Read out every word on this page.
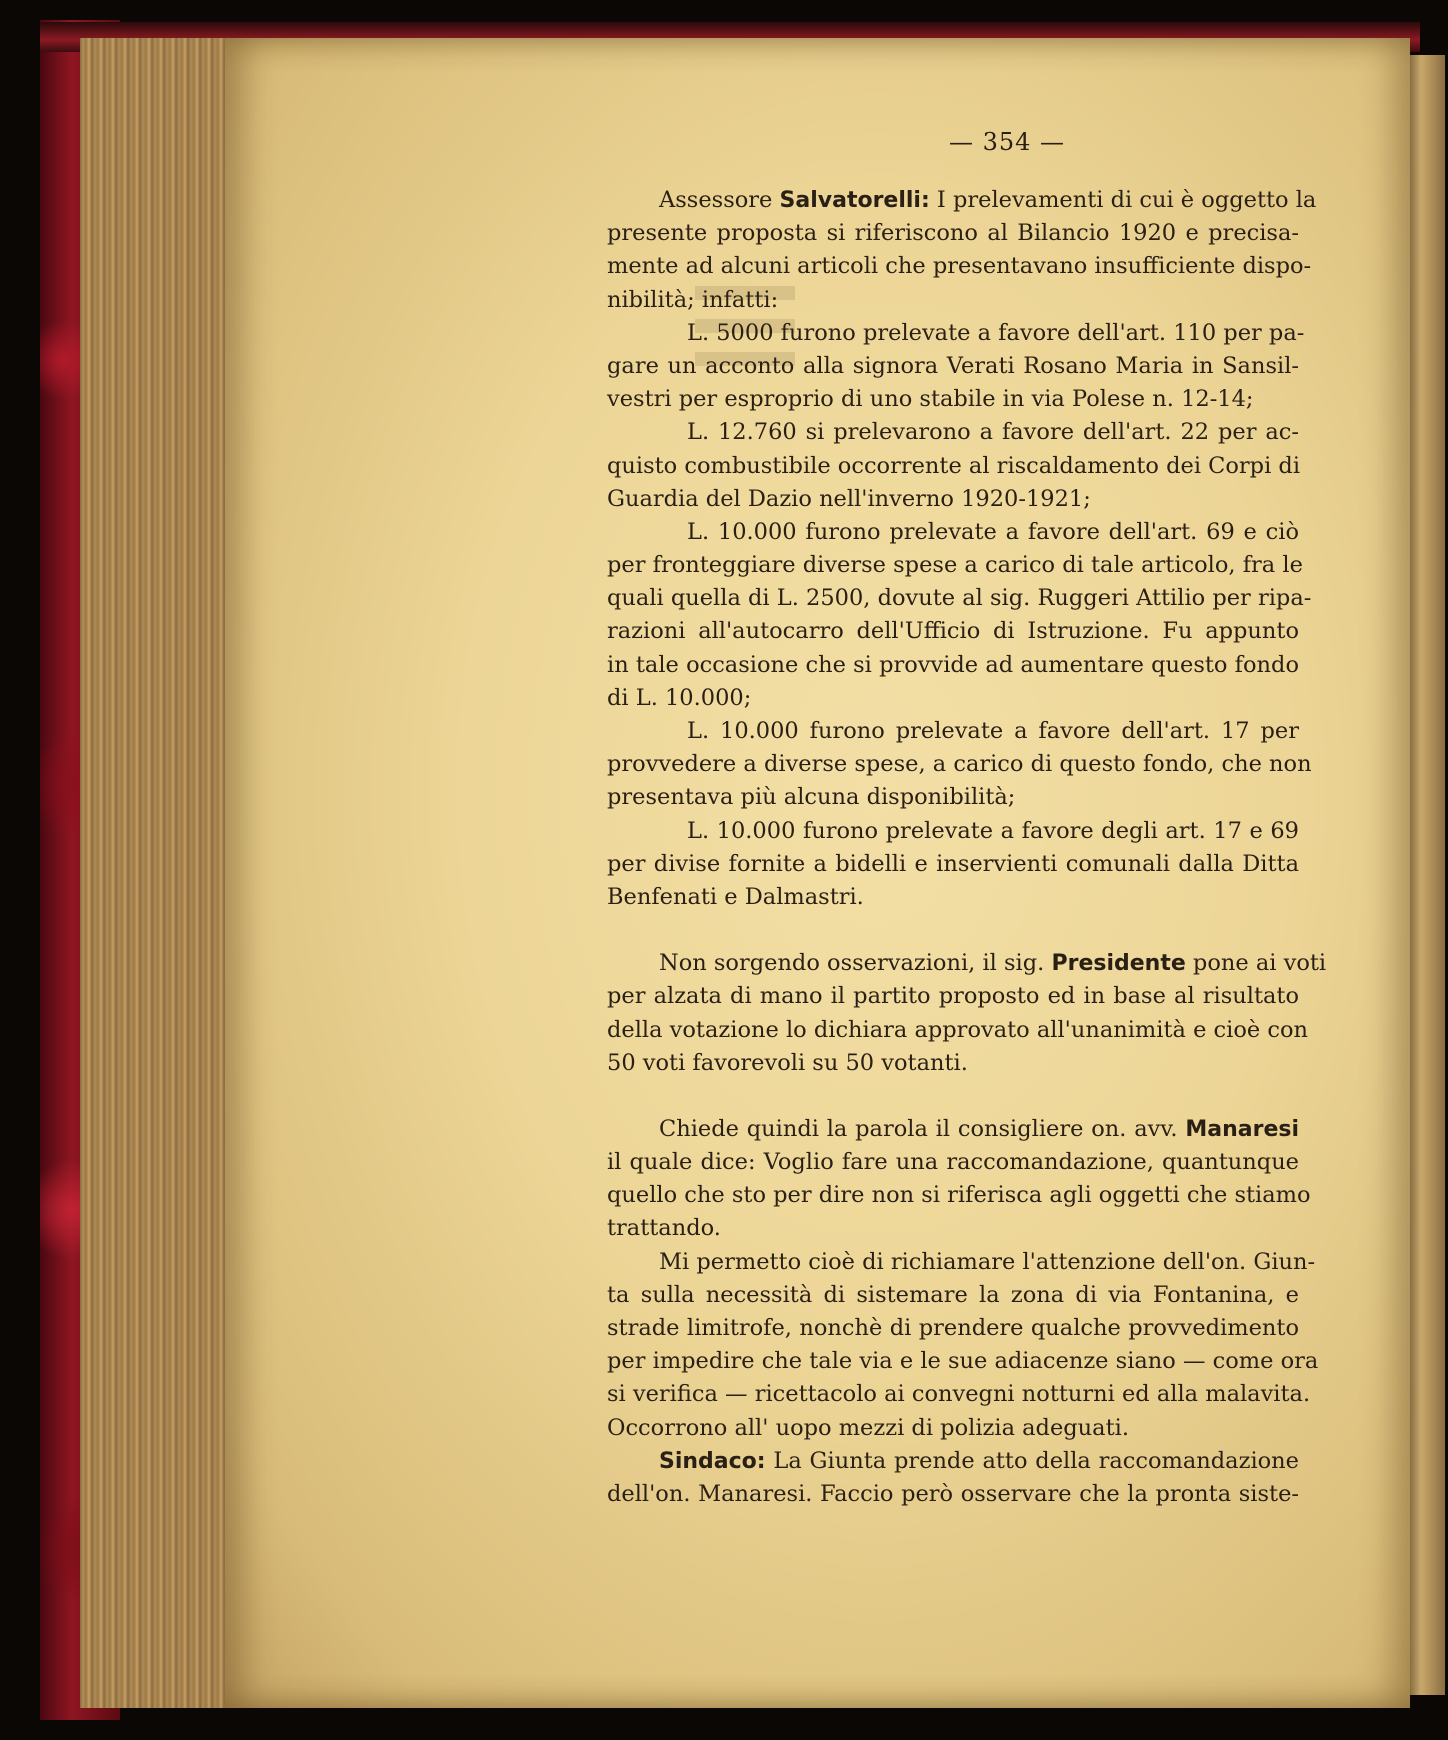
— 354 —
Assessore Salvatorelli: I prelevamenti di cui è oggetto la
presente proposta si riferiscono al Bilancio 1920 e precisa-
mente ad alcuni articoli che presentavano insufficiente dispo-
nibilità; infatti:
L. 5000 furono prelevate a favore dell'art. 110 per pa-
gare un acconto alla signora Verati Rosano Maria in Sansil-
vestri per esproprio di uno stabile in via Polese n. 12-14;
L. 12.760 si prelevarono a favore dell'art. 22 per ac-
quisto combustibile occorrente al riscaldamento dei Corpi di
Guardia del Dazio nell'inverno 1920-1921;
L. 10.000 furono prelevate a favore dell'art. 69 e ciò
per fronteggiare diverse spese a carico di tale articolo, fra le
quali quella di L. 2500, dovute al sig. Ruggeri Attilio per ripa-
razioni all'autocarro dell'Ufficio di Istruzione. Fu appunto
in tale occasione che si provvide ad aumentare questo fondo
di L. 10.000;
L. 10.000 furono prelevate a favore dell'art. 17 per
provvedere a diverse spese, a carico di questo fondo, che non
presentava più alcuna disponibilità;
L. 10.000 furono prelevate a favore degli art. 17 e 69
per divise fornite a bidelli e inservienti comunali dalla Ditta
Benfenati e Dalmastri.
Non sorgendo osservazioni, il sig. Presidente pone ai voti
per alzata di mano il partito proposto ed in base al risultato
della votazione lo dichiara approvato all'unanimità e cioè con
50 voti favorevoli su 50 votanti.
Chiede quindi la parola il consigliere on. avv. Manaresi
il quale dice: Voglio fare una raccomandazione, quantunque
quello che sto per dire non si riferisca agli oggetti che stiamo
trattando.
Mi permetto cioè di richiamare l'attenzione dell'on. Giun-
ta sulla necessità di sistemare la zona di via Fontanina, e
strade limitrofe, nonchè di prendere qualche provvedimento
per impedire che tale via e le sue adiacenze siano — come ora
si verifica — ricettacolo ai convegni notturni ed alla malavita.
Occorrono all' uopo mezzi di polizia adeguati.
Sindaco: La Giunta prende atto della raccomandazione
dell'on. Manaresi. Faccio però osservare che la pronta siste-
